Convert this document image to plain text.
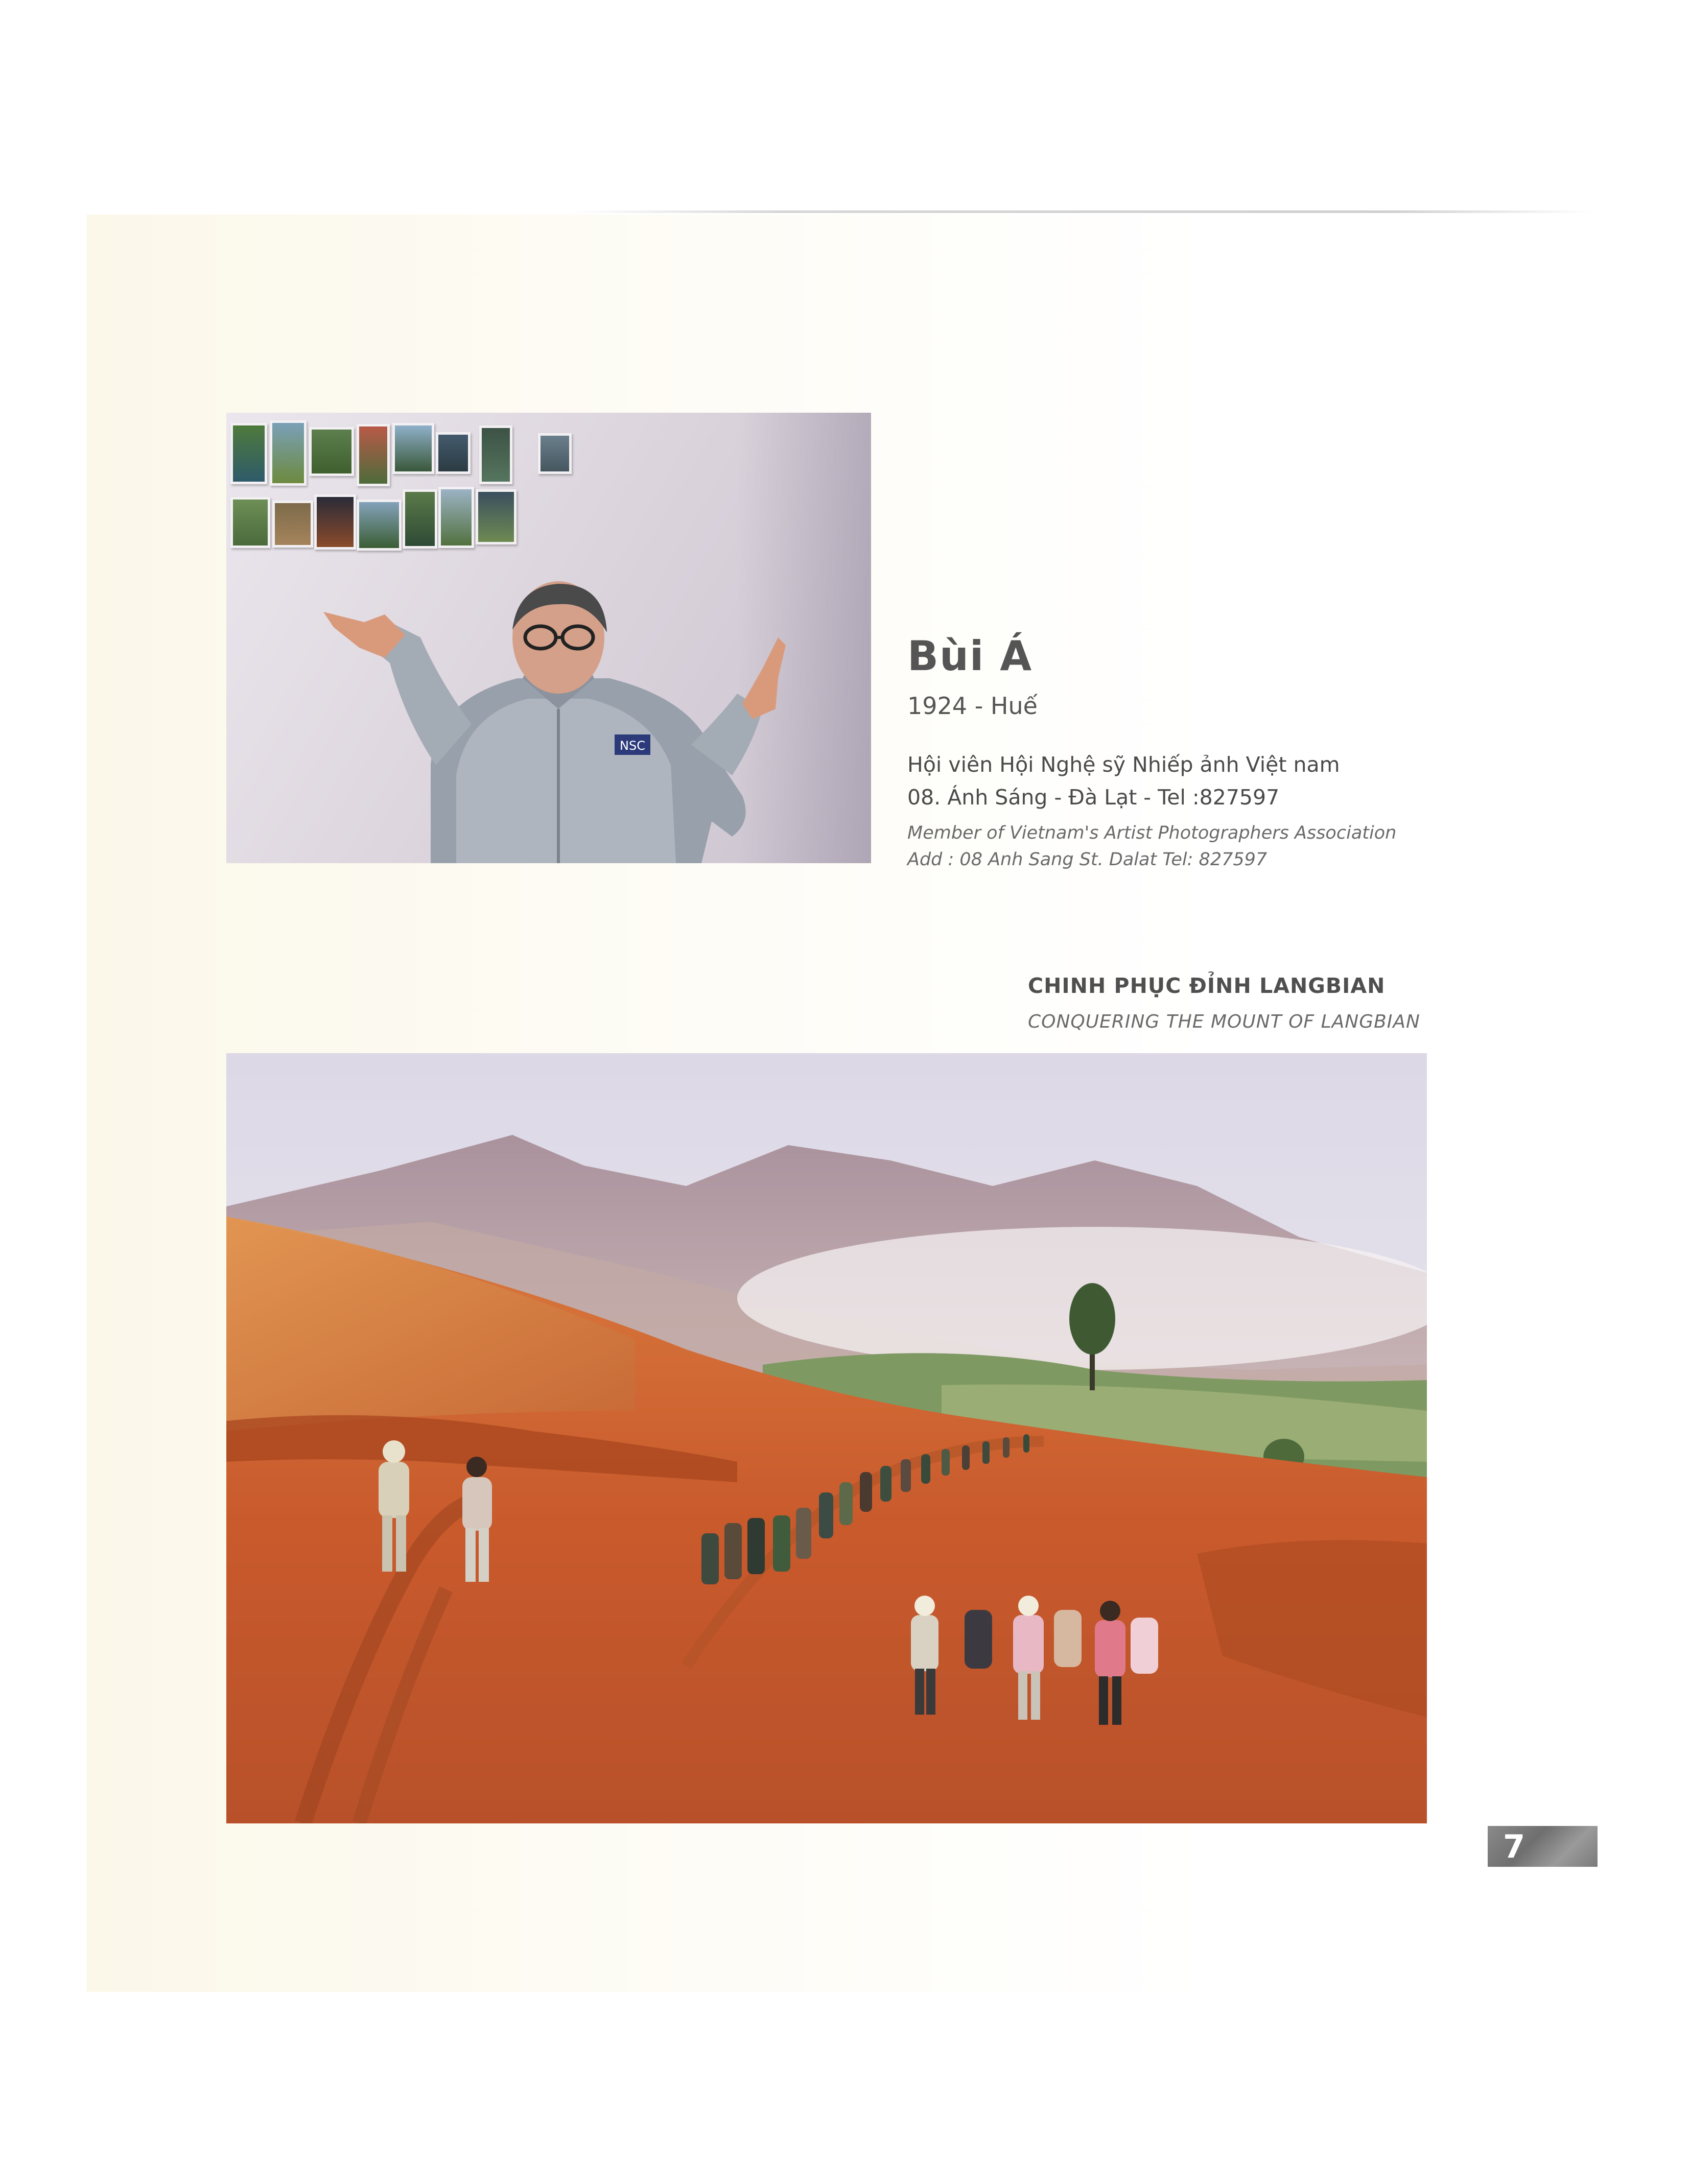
NSC
Bùi Á
1924 - Huế
Hội viên Hội Nghệ sỹ Nhiếp ảnh Việt nam
08. Ánh Sáng - Đà Lạt - Tel :827597
Member of Vietnam's Artist Photographers Association
Add : 08 Anh Sang St. Dalat Tel: 827597
CHINH PHỤC ĐỈNH LANGBIAN
CONQUERING THE MOUNT OF LANGBIAN
7
